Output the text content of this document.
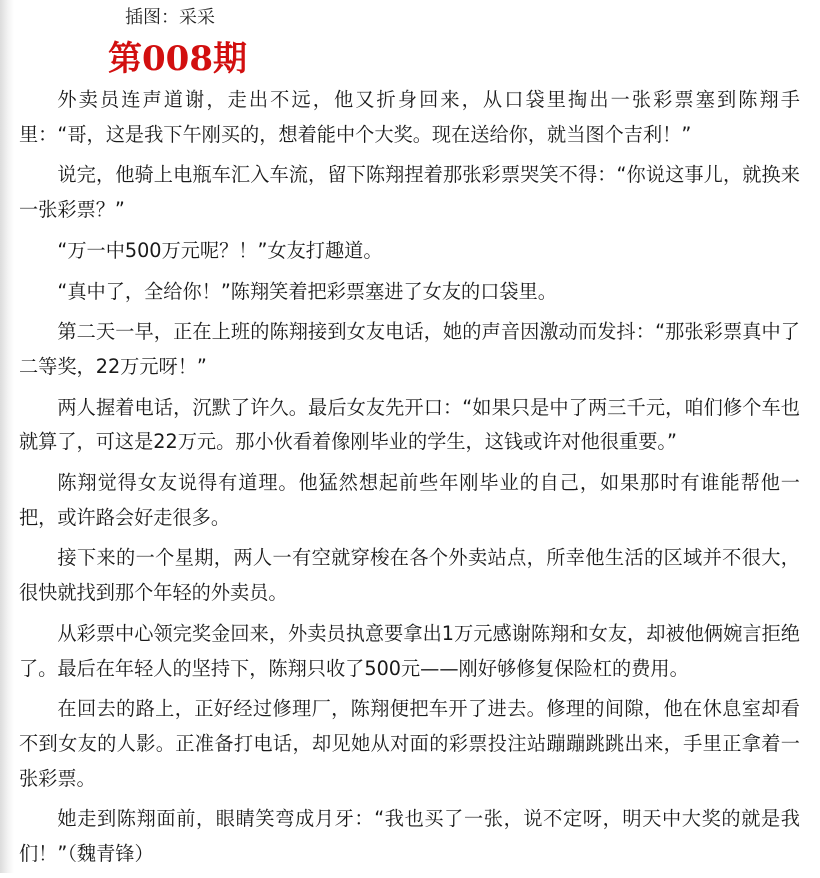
插图：采采
第008期

外卖员连声道谢，走出不远，他又折身回来，从口袋里掏出一张彩票塞到陈翔手里：“哥，这是我下午刚买的，想着能中个大奖。现在送给你，就当图个吉利！”

说完，他骑上电瓶车汇入车流，留下陈翔捏着那张彩票哭笑不得：“你说这事儿，就换来一张彩票？”

“万一中500万元呢？！”女友打趣道。

“真中了，全给你！”陈翔笑着把彩票塞进了女友的口袋里。

第二天一早，正在上班的陈翔接到女友电话，她的声音因激动而发抖：“那张彩票真中了二等奖，22万元呀！”

两人握着电话，沉默了许久。最后女友先开口：“如果只是中了两三千元，咱们修个车也就算了，可这是22万元。那小伙看着像刚毕业的学生，这钱或许对他很重要。”

陈翔觉得女友说得有道理。他猛然想起前些年刚毕业的自己，如果那时有谁能帮他一把，或许路会好走很多。

接下来的一个星期，两人一有空就穿梭在各个外卖站点，所幸他生活的区域并不很大，很快就找到那个年轻的外卖员。

从彩票中心领完奖金回来，外卖员执意要拿出1万元感谢陈翔和女友，却被他俩婉言拒绝了。最后在年轻人的坚持下，陈翔只收了500元——刚好够修复保险杠的费用。

在回去的路上，正好经过修理厂，陈翔便把车开了进去。修理的间隙，他在休息室却看不到女友的人影。正准备打电话，却见她从对面的彩票投注站蹦蹦跳跳出来，手里正拿着一张彩票。

她走到陈翔面前，眼睛笑弯成月牙：“我也买了一张，说不定呀，明天中大奖的就是我们！”（魏青锋）
